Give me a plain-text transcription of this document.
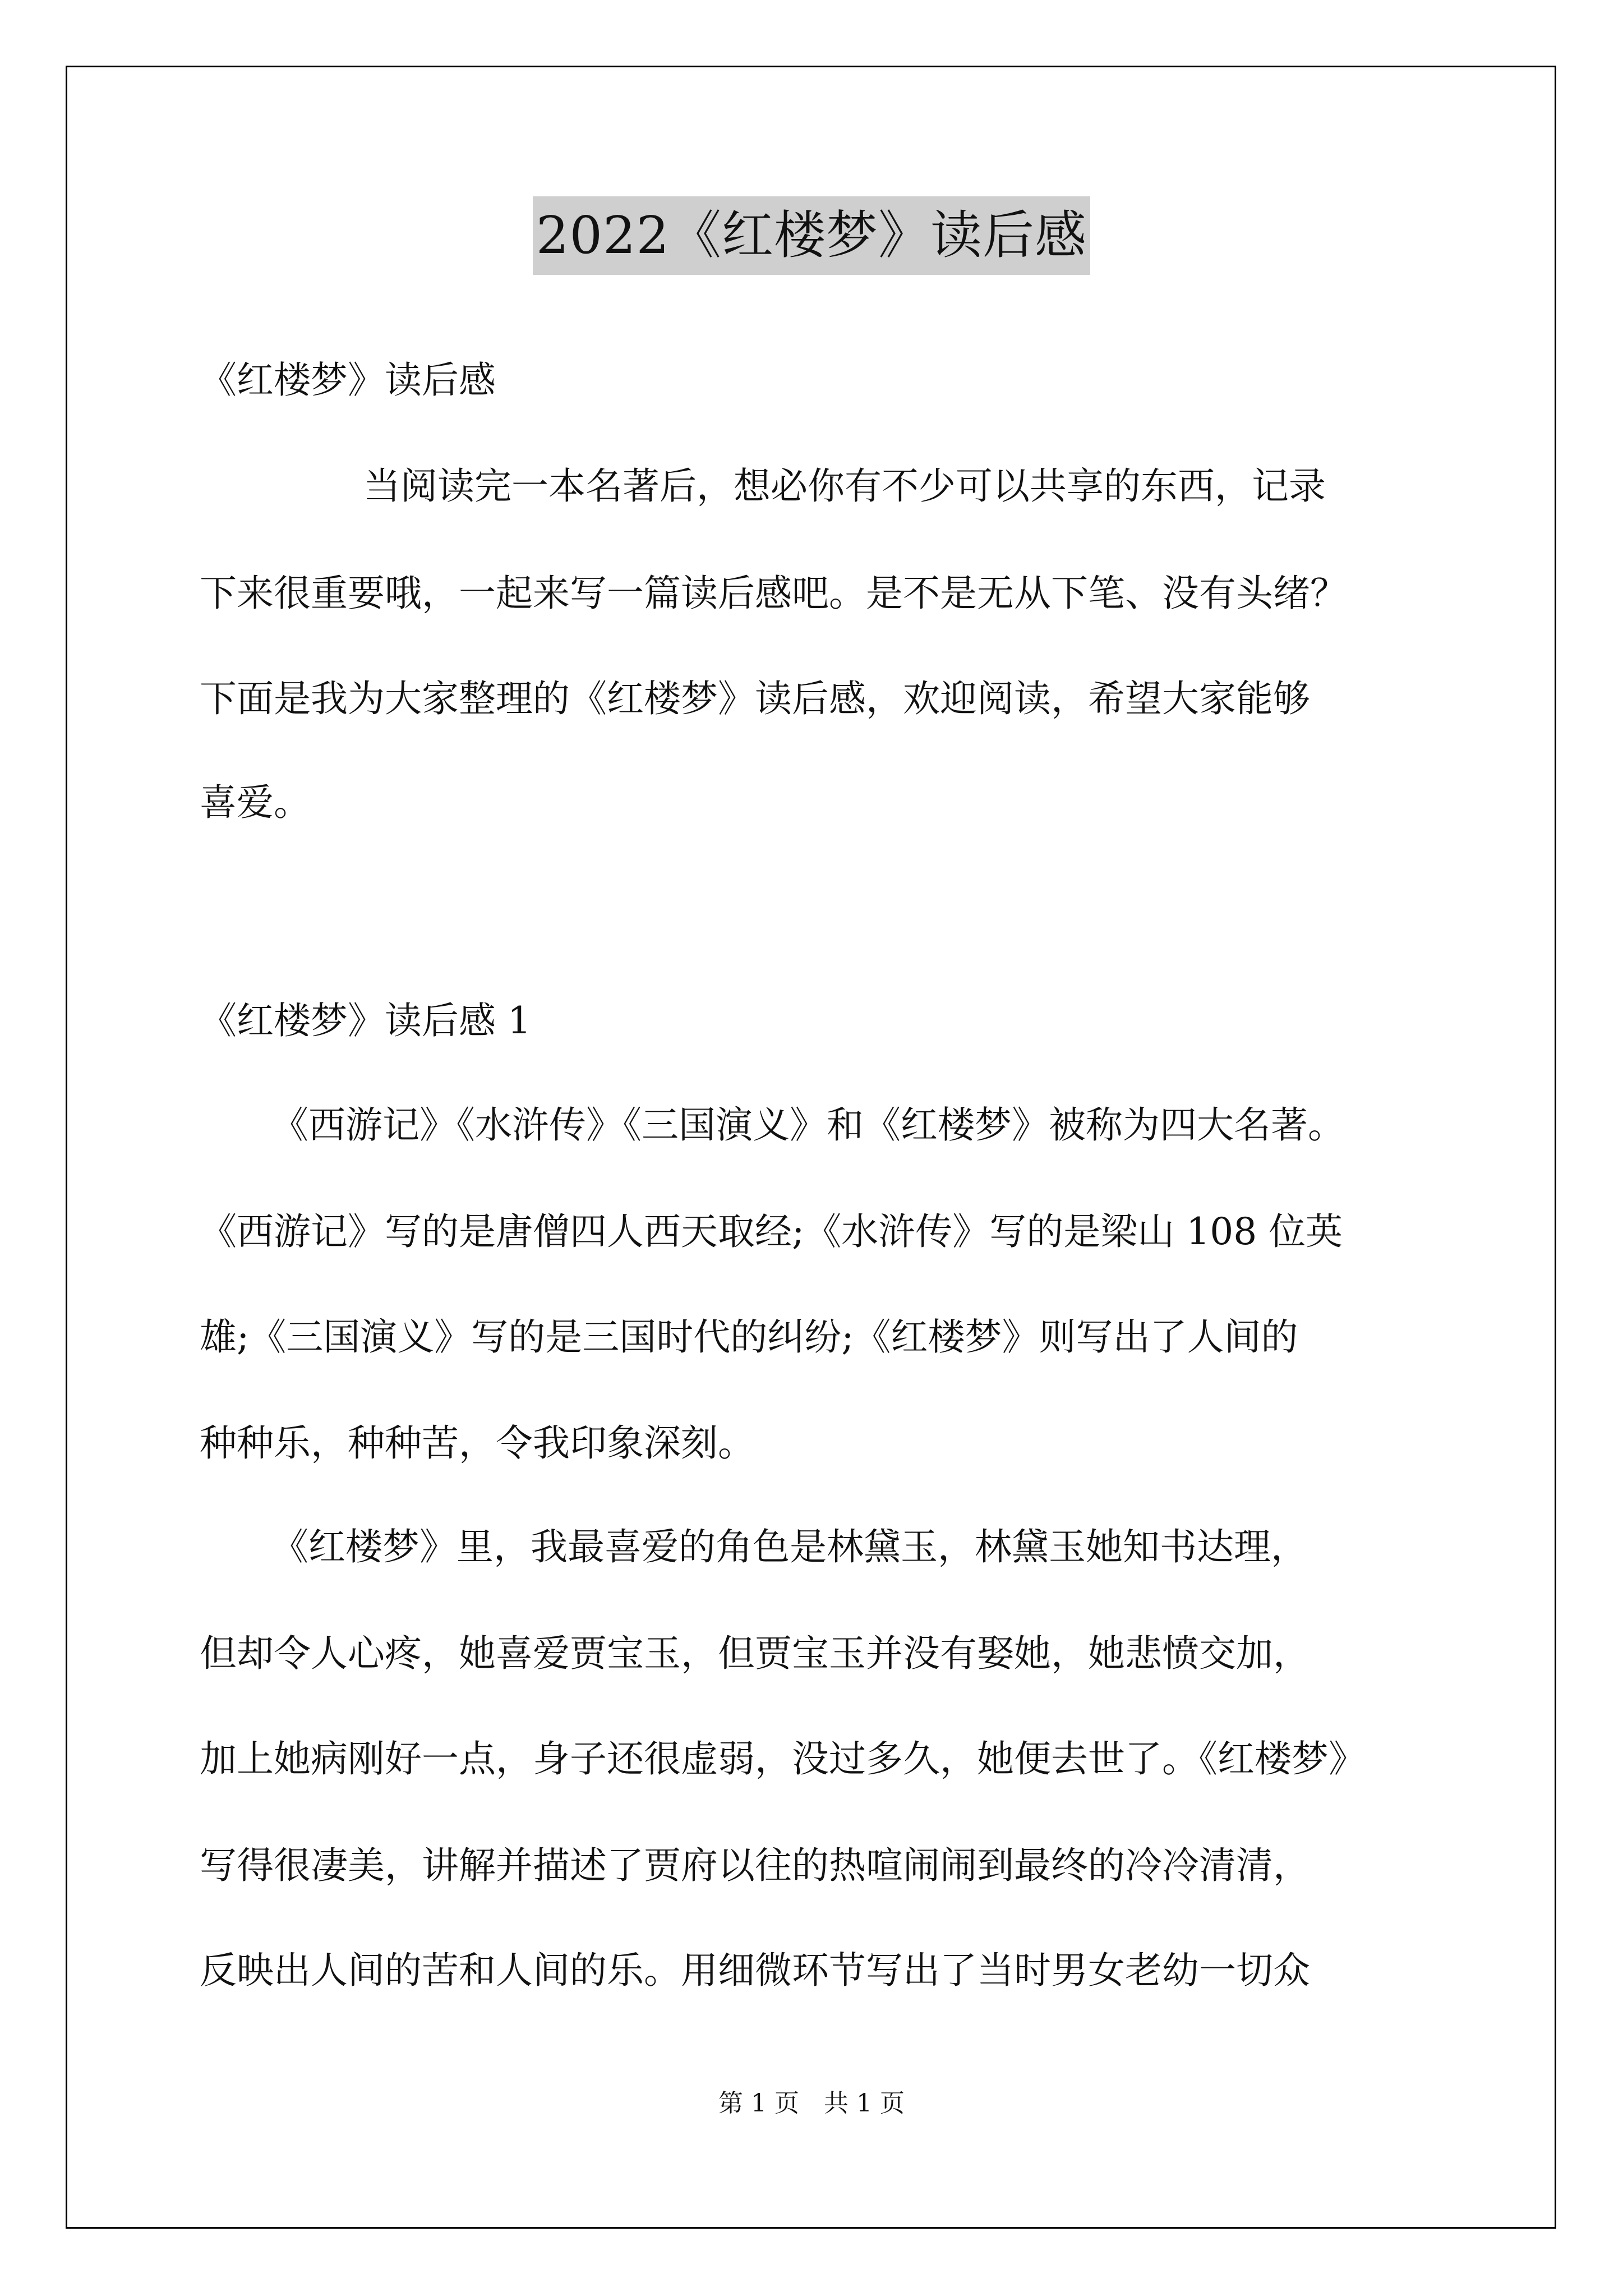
2022《红楼梦》读后感
《红楼梦》读后感
当阅读完一本名著后，想必你有不少可以共享的东西，记录
下来很重要哦，一起来写一篇读后感吧。是不是无从下笔、没有头绪？
下面是我为大家整理的《红楼梦》读后感，欢迎阅读，希望大家能够
喜爱。
《红楼梦》读后感 1
《西游记》《水浒传》《三国演义》和《红楼梦》被称为四大名著。
《西游记》写的是唐僧四人西天取经;《水浒传》写的是梁山 108 位英
雄;《三国演义》写的是三国时代的纠纷;《红楼梦》则写出了人间的
种种乐，种种苦，令我印象深刻。
《红楼梦》里，我最喜爱的角色是林黛玉，林黛玉她知书达理，
但却令人心疼，她喜爱贾宝玉，但贾宝玉并没有娶她，她悲愤交加，
加上她病刚好一点，身子还很虚弱，没过多久，她便去世了。《红楼梦》
写得很凄美，讲解并描述了贾府以往的热喧闹闹到最终的冷冷清清，
反映出人间的苦和人间的乐。用细微环节写出了当时男女老幼一切众
第 1 页　共 1 页
